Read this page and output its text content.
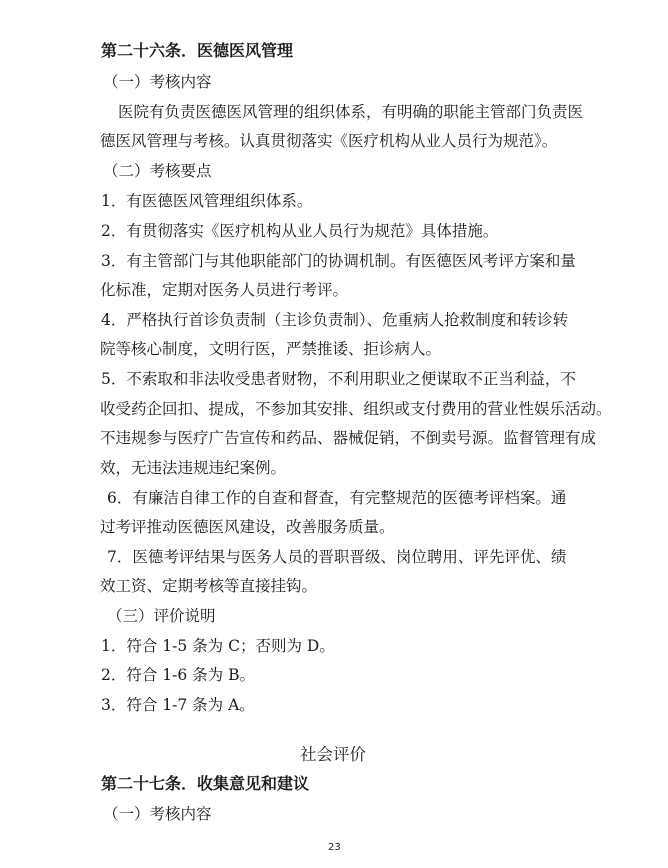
第二十六条．医德医风管理
（一）考核内容
医院有负责医德医风管理的组织体系，有明确的职能主管部门负责医
德医风管理与考核。认真贯彻落实《医疗机构从业人员行为规范》。
（二）考核要点
1．有医德医风管理组织体系。
2．有贯彻落实《医疗机构从业人员行为规范》具体措施。
3．有主管部门与其他职能部门的协调机制。有医德医风考评方案和量
化标准，定期对医务人员进行考评。
4．严格执行首诊负责制（主诊负责制）、危重病人抢救制度和转诊转
院等核心制度，文明行医，严禁推诿、拒诊病人。
5．不索取和非法收受患者财物，不利用职业之便谋取不正当利益，不
收受药企回扣、提成，不参加其安排、组织或支付费用的营业性娱乐活动。
不违规参与医疗广告宣传和药品、器械促销，不倒卖号源。监督管理有成
效，无违法违规违纪案例。
6．有廉洁自律工作的自查和督查，有完整规范的医德考评档案。通
过考评推动医德医风建设，改善服务质量。
7．医德考评结果与医务人员的晋职晋级、岗位聘用、评先评优、绩
效工资、定期考核等直接挂钩。
（三）评价说明
1．符合 1-5 条为 C；否则为 D。
2．符合 1-6 条为 B。
3．符合 1-7 条为 A。
社会评价
第二十七条．收集意见和建议
（一）考核内容
23
